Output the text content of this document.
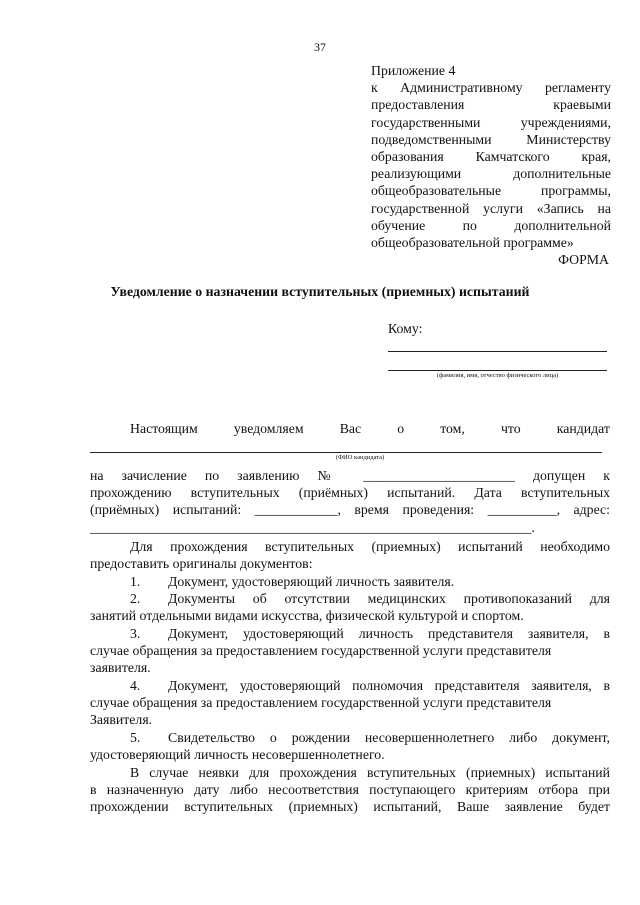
37
Приложение 4
к Административному регламенту
предоставления краевыми
государственными учреждениями,
подведомственными Министерству
образования Камчатского края,
реализующими дополнительные
общеобразовательные программы,
государственной услуги «Запись на
обучение по дополнительной
общеобразовательной программе»
ФОРМА
Уведомление о назначении вступительных (приемных) испытаний
Кому:
(фамилия, имя, отчество физического лица)
Настоящим	уведомляем	Вас	о	том,	что	кандидат
(ФИО кандидата)
на зачисление по заявлению № ______________________ допущен к
прохождению вступительных (приёмных) испытаний. Дата вступительных
(приёмных) испытаний: ____________, время проведения: __________, адрес:
________________________________________________________________.
Для прохождения вступительных (приемных) испытаний необходимо
предоставить оригиналы документов:
1. Документ, удостоверяющий личность заявителя.
2.	Документы об отсутствии медицинских противопоказаний для
занятий отдельными видами искусства, физической культурой и спортом.
3.	Документ, удостоверяющий личность представителя заявителя, в
случае обращения за предоставлением государственной услуги представителя заявителя.
4.	Документ, удостоверяющий полномочия представителя заявителя, в
случае обращения за предоставлением государственной услуги представителя Заявителя.
5.	Свидетельство о рождении несовершеннолетнего либо документ,
удостоверяющий личность несовершеннолетнего.
В случае неявки для прохождения вступительных (приемных) испытаний
в назначенную дату либо несоответствия поступающего критериям отбора при
прохождении вступительных (приемных) испытаний, Ваше заявление будет
